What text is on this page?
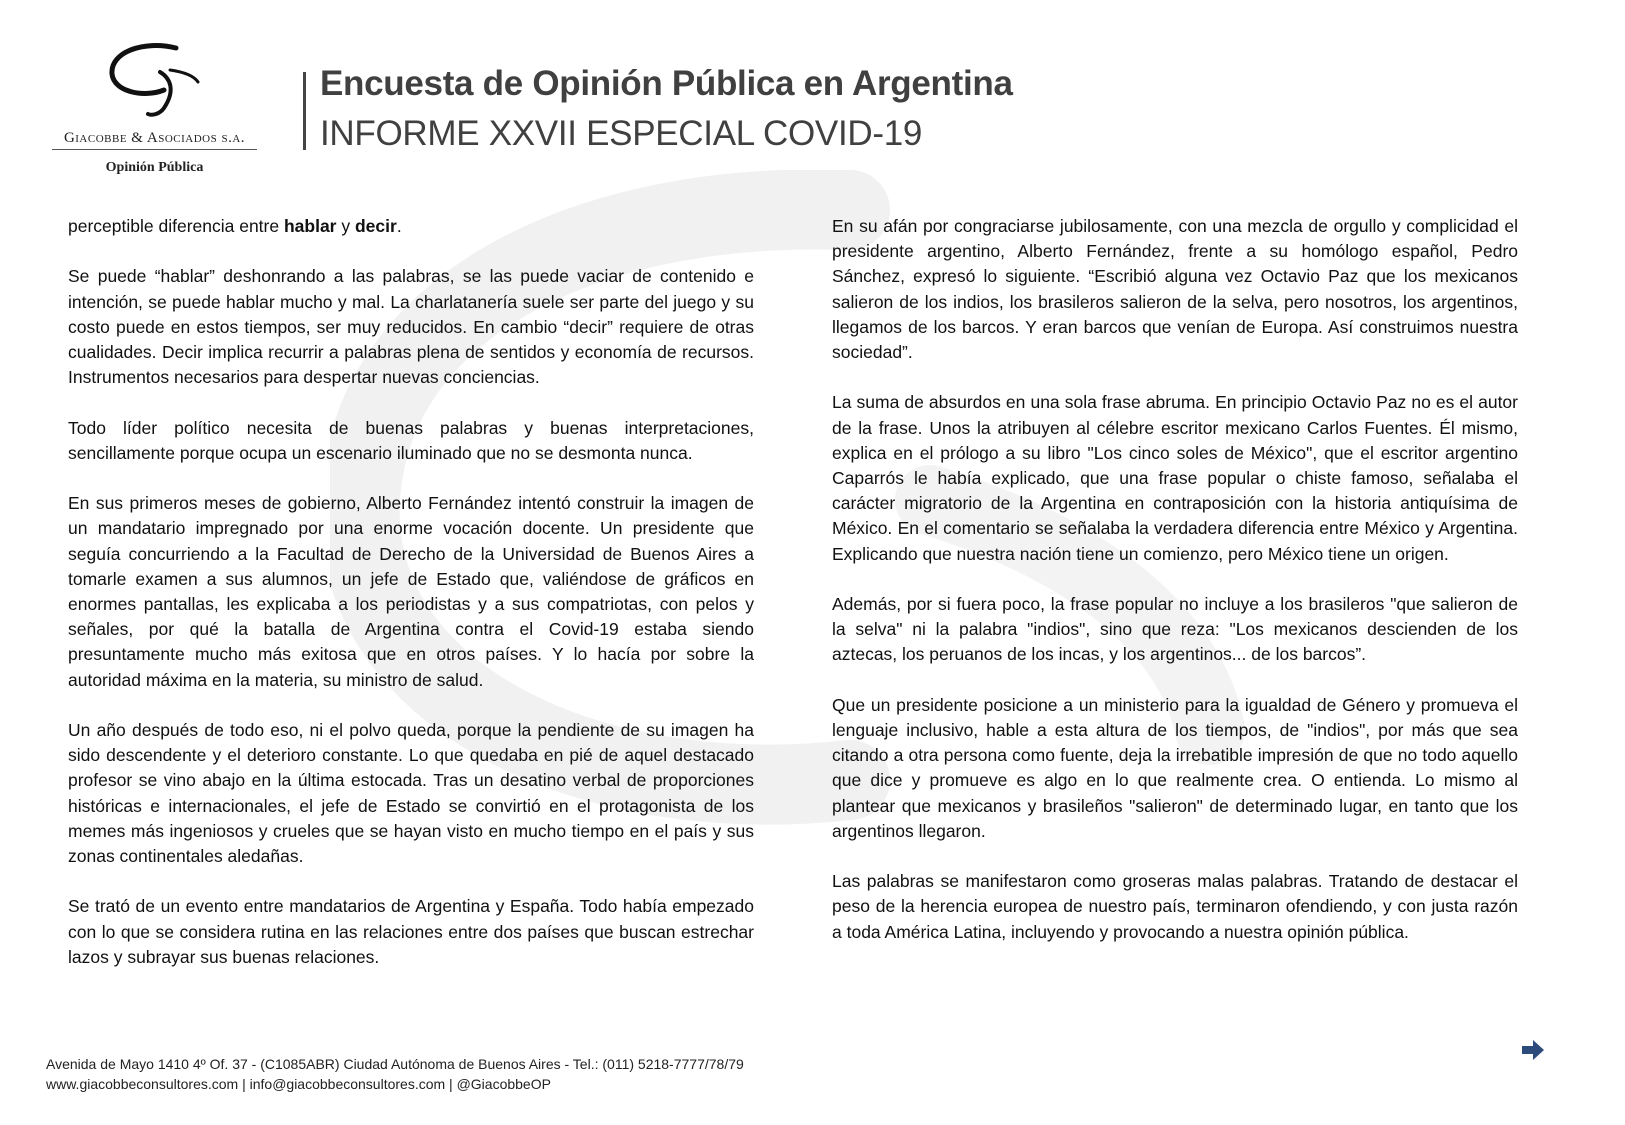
Giacobbe & Asociados s.a.
Opinión Pública
Encuesta de Opinión Pública en Argentina
INFORME XXVII ESPECIAL COVID-19

perceptible diferencia entre hablar y decir.

Se puede “hablar” deshonrando a las palabras, se las puede vaciar de contenido e intención, se puede hablar mucho y mal. La charlatanería suele ser parte del juego y su costo puede en estos tiempos, ser muy reducidos. En cambio “decir” requiere de otras cualidades. Decir implica recurrir a palabras plena de sentidos y economía de recursos. Instrumentos necesarios para despertar nuevas conciencias.

Todo líder político necesita de buenas palabras y buenas interpretaciones, sencillamente porque ocupa un escenario iluminado que no se desmonta nunca.

En sus primeros meses de gobierno, Alberto Fernández intentó construir la imagen de un mandatario impregnado por una enorme vocación docente. Un presidente que seguía concurriendo a la Facultad de Derecho de la Universidad de Buenos Aires a tomarle examen a sus alumnos, un jefe de Estado que, valiéndose de gráficos en enormes pantallas, les explicaba a los periodistas y a sus compatriotas, con pelos y señales, por qué la batalla de Argentina contra el Covid-19 estaba siendo presuntamente mucho más exitosa que en otros países. Y lo hacía por sobre la autoridad máxima en la materia, su ministro de salud.

Un año después de todo eso, ni el polvo queda, porque la pendiente de su imagen ha sido descendente y el deterioro constante. Lo que quedaba en pié de aquel destacado profesor se vino abajo en la última estocada. Tras un desatino verbal de proporciones históricas e internacionales, el jefe de Estado se convirtió en el protagonista de los memes más ingeniosos y crueles que se hayan visto en mucho tiempo en el país y sus zonas continentales aledañas.

Se trató de un evento entre mandatarios de Argentina y España. Todo había empezado con lo que se considera rutina en las relaciones entre dos países que buscan estrechar lazos y subrayar sus buenas relaciones.

En su afán por congraciarse jubilosamente, con una mezcla de orgullo y complicidad el presidente argentino, Alberto Fernández, frente a su homólogo español, Pedro Sánchez, expresó lo siguiente. “Escribió alguna vez Octavio Paz que los mexicanos salieron de los indios, los brasileros salieron de la selva, pero nosotros, los argentinos, llegamos de los barcos. Y eran barcos que venían de Europa. Así construimos nuestra sociedad”.

La suma de absurdos en una sola frase abruma. En principio Octavio Paz no es el autor de la frase. Unos la atribuyen al célebre escritor mexicano Carlos Fuentes. Él mismo, explica en el prólogo a su libro "Los cinco soles de México", que el escritor argentino Caparrós le había explicado, que una frase popular o chiste famoso, señalaba el carácter migratorio de la Argentina en contraposición con la historia antiquísima de México. En el comentario se señalaba la verdadera diferencia entre México y Argentina. Explicando que nuestra nación tiene un comienzo, pero México tiene un origen.

Además, por si fuera poco, la frase popular no incluye a los brasileros "que salieron de la selva" ni la palabra "indios", sino que reza: "Los mexicanos descienden de los aztecas, los peruanos de los incas, y los argentinos... de los barcos”.

Que un presidente posicione a un ministerio para la igualdad de Género y promueva el lenguaje inclusivo, hable a esta altura de los tiempos, de "indios", por más que sea citando a otra persona como fuente, deja la irrebatible impresión de que no todo aquello que dice y promueve es algo en lo que realmente crea. O entienda. Lo mismo al plantear que mexicanos y brasileños "salieron" de determinado lugar, en tanto que los argentinos llegaron.

Las palabras se manifestaron como groseras malas palabras. Tratando de destacar el peso de la herencia europea de nuestro país, terminaron ofendiendo, y con justa razón a toda América Latina, incluyendo y provocando a nuestra opinión pública.

Avenida de Mayo 1410 4º Of. 37 - (C1085ABR) Ciudad Autónoma de Buenos Aires - Tel.: (011) 5218-7777/78/79
www.giacobbeconsultores.com | info@giacobbeconsultores.com | @GiacobbeOP
